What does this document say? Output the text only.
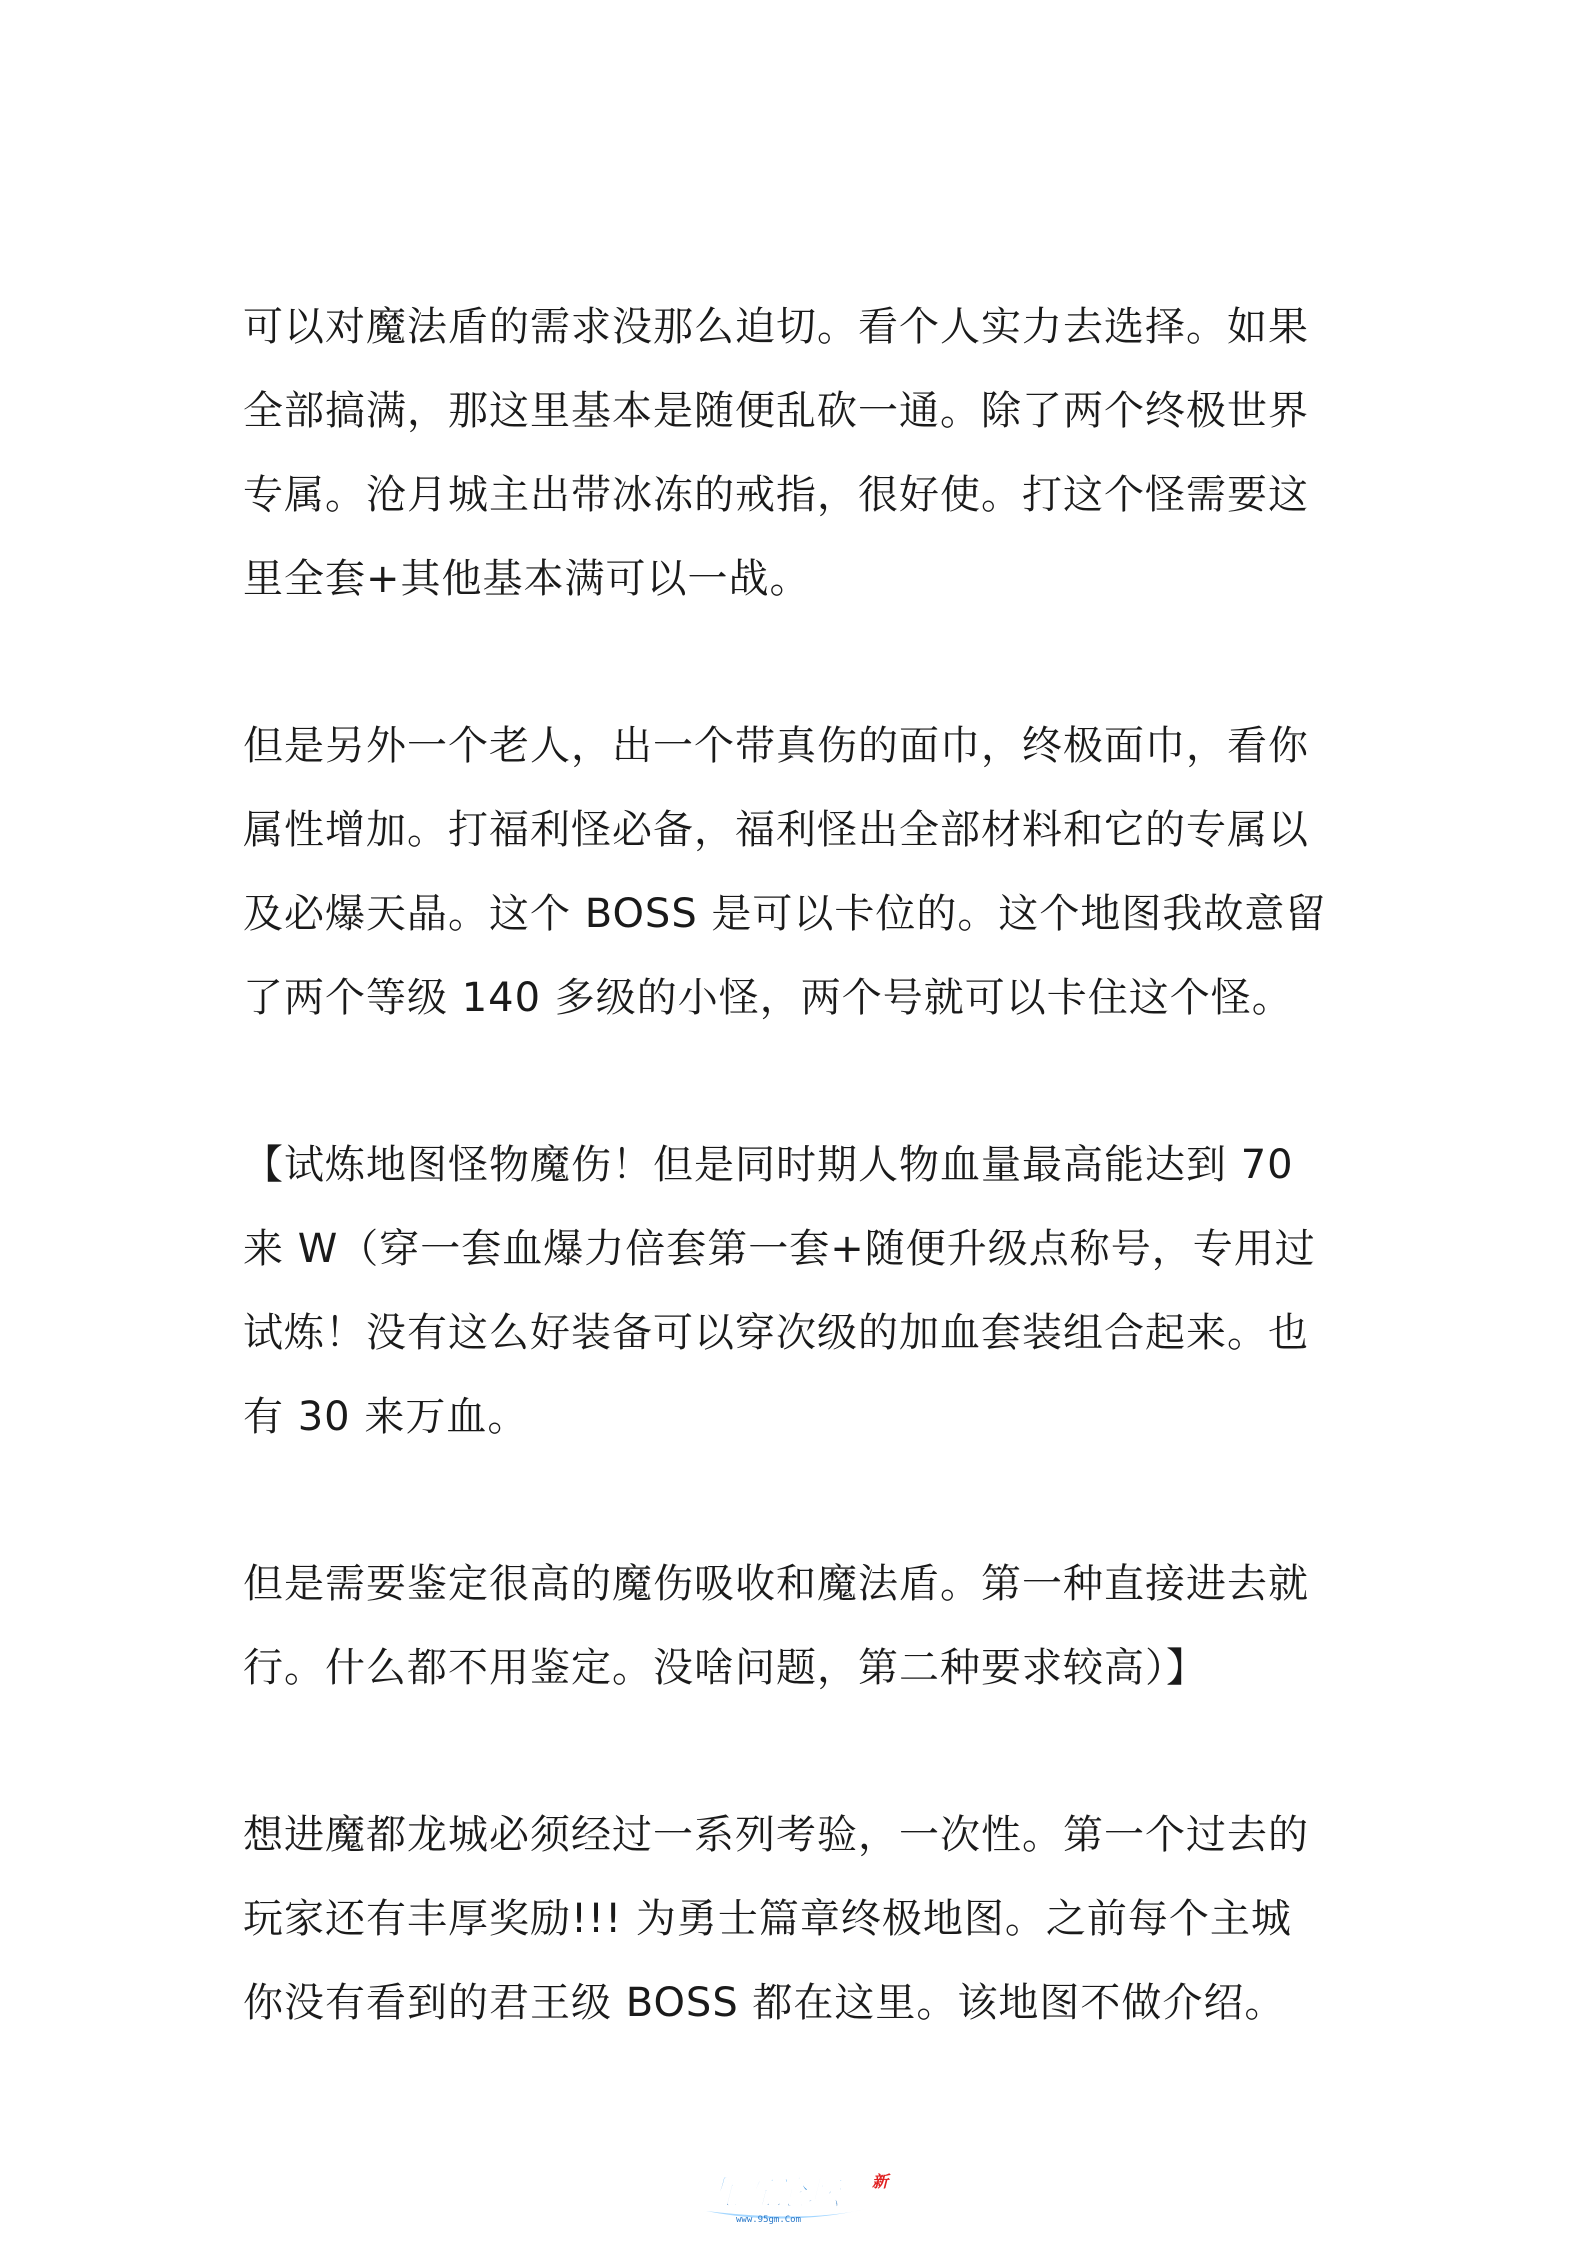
可以对魔法盾的需求没那么迫切。看个人实力去选择。如果
全部搞满，那这里基本是随便乱砍一通。除了两个终极世界
专属。沧月城主出带冰冻的戒指，很好使。打这个怪需要这
里全套+其他基本满可以一战。
但是另外一个老人，出一个带真伤的面巾，终极面巾，看你
属性增加。打福利怪必备，福利怪出全部材料和它的专属以
及必爆天晶。这个 BOSS 是可以卡位的。这个地图我故意留
了两个等级 140 多级的小怪，两个号就可以卡住这个怪。
【试炼地图怪物魔伤！但是同时期人物血量最高能达到 70
来 W（穿一套血爆力倍套第一套+随便升级点称号，专用过
试炼！没有这么好装备可以穿次级的加血套装组合起来。也
有 30 来万血。
但是需要鉴定很高的魔伤吸收和魔法盾。第一种直接进去就
行。什么都不用鉴定。没啥问题，第二种要求较高）】
想进魔都龙城必须经过一系列考验，一次性。第一个过去的
玩家还有丰厚奖励!!! 为勇士篇章终极地图。之前每个主城
你没有看到的君王级 BOSS 都在这里。该地图不做介绍。
九五论坛
www.95gm.Com
新
